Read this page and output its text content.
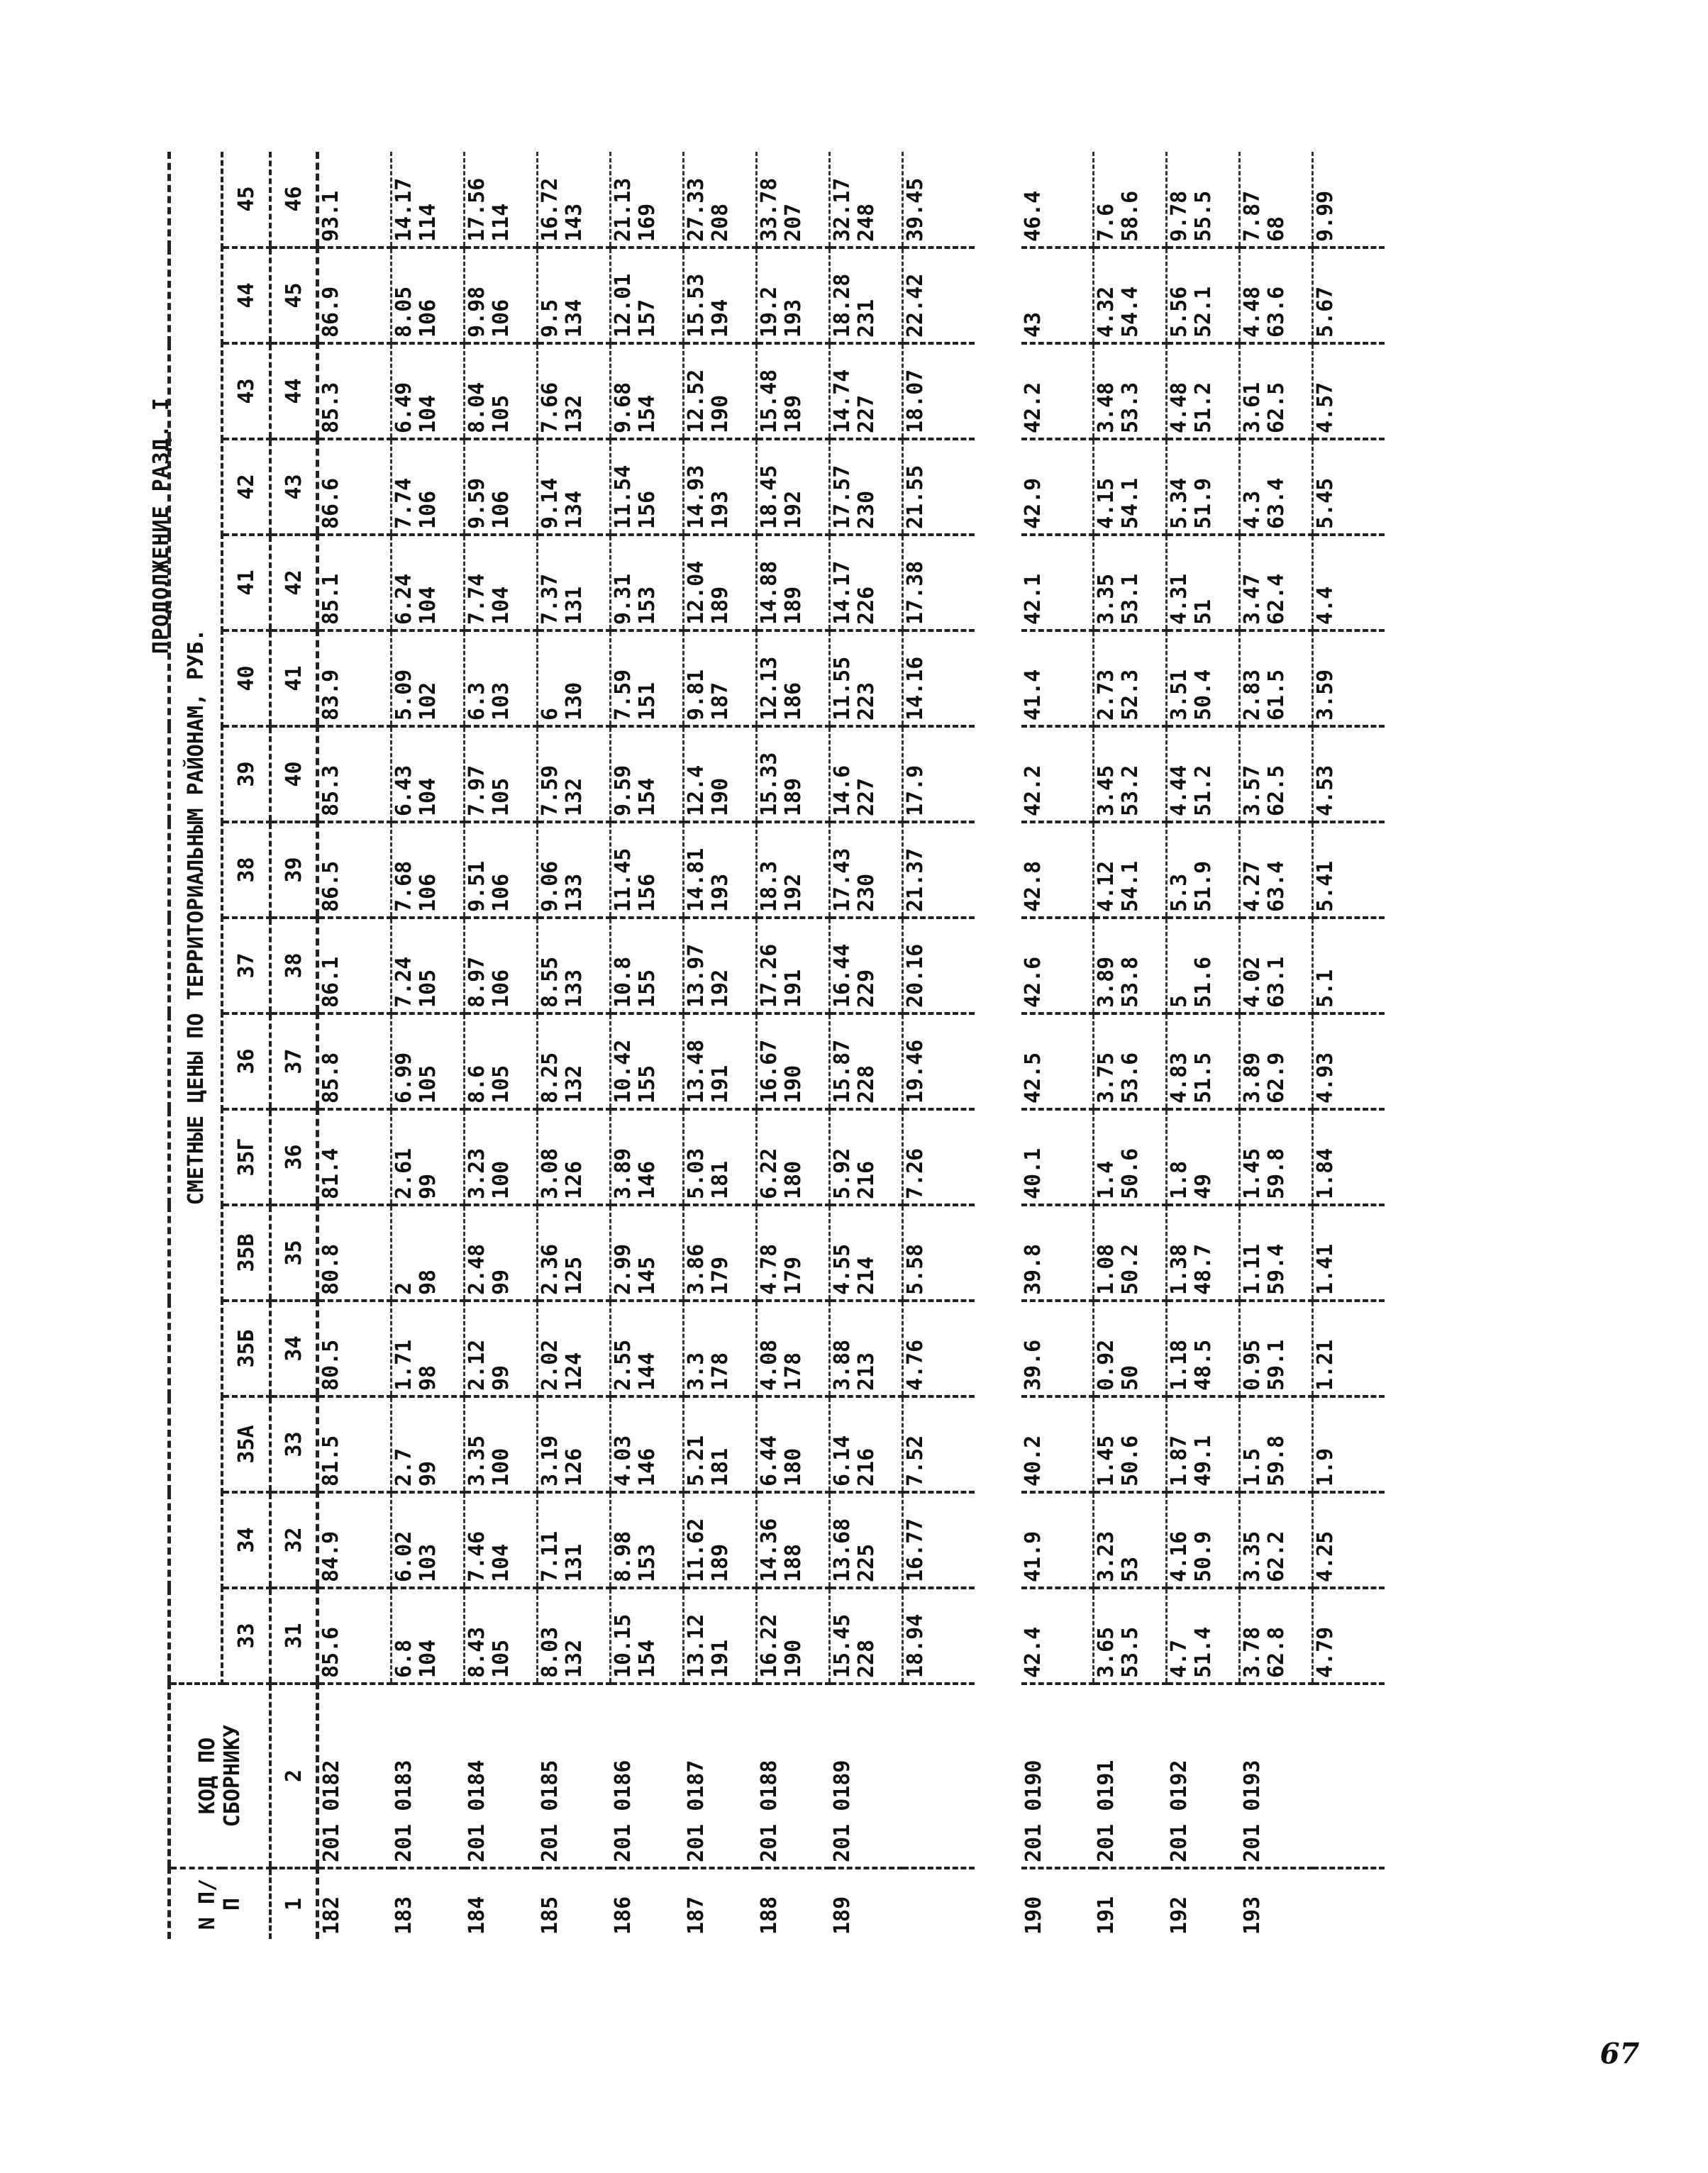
ПРОДОЛЖЕНИЕ РАЗД. I
N П/П	КОД ПО СБОРНИКУ	СМЕТНЫЕ ЦЕНЫ ПО ТЕРРИТОРИАЛЬНЫМ РАЙОНАМ, РУБ.															
		33	34	35А	35Б	35В	35Г	36	37	38	39	40	41	42	43	44	45
1	2	31	32	33	34	35	36	37	38	39	40	41	42	43	44	45	46
182	201 0182	85.6	84.9	81.5	80.5	80.8	81.4	85.8	86.1	86.5	85.3	83.9	85.1	86.6	85.3	86.9	93.1

183	201 0183	6.8 104	6.02 103	2.7 99	1.71 98	2 98	2.61 99	6.99 105	7.24 105	7.68 106	6.43 104	5.09 102	6.24 104	7.74 106	6.49 104	8.05 106	14.17 114

184	201 0184	8.43 105	7.46 104	3.35 100	2.12 99	2.48 99	3.23 100	8.6 105	8.97 106	9.51 106	7.97 105	6.3 103	7.74 104	9.59 106	8.04 105	9.98 106	17.56 114

185	201 0185	8.03 132	7.11 131	3.19 126	2.02 124	2.36 125	3.08 126	8.25 132	8.55 133	9.06 133	7.59 132	6 130	7.37 131	9.14 134	7.66 132	9.5 134	16.72 143

186	201 0186	10.15 154	8.98 153	4.03 146	2.55 144	2.99 145	3.89 146	10.42 155	10.8 155	11.45 156	9.59 154	7.59 151	9.31 153	11.54 156	9.68 154	12.01 157	21.13 169

187	201 0187	13.12 191	11.62 189	5.21 181	3.3 178	3.86 179	5.03 181	13.48 191	13.97 192	14.81 193	12.4 190	9.81 187	12.04 189	14.93 193	12.52 190	15.53 194	27.33 208

188	201 0188	16.22 190	14.36 188	6.44 180	4.08 178	4.78 179	6.22 180	16.67 190	17.26 191	18.3 192	15.33 189	12.13 186	14.88 189	18.45 192	15.48 189	19.2 193	33.78 207

189	201 0189	15.45 228	13.68 225	6.14 216	3.88 213	4.55 214	5.92 216	15.87 228	16.44 229	17.43 230	14.6 227	11.55 223	14.17 226	17.57 230	14.74 227	18.28 231	32.17 248

		18.94	16.77	7.52	4.76	5.58	7.26	19.46	20.16	21.37	17.9	14.16	17.38	21.55	18.07	22.42	39.45

190	201 0190	42.4	41.9	40.2	39.6	39.8	40.1	42.5	42.6	42.8	42.2	41.4	42.1	42.9	42.2	43	46.4

191	201 0191	3.65 53.5	3.23 53	1.45 50.6	0.92 50	1.08 50.2	1.4 50.6	3.75 53.6	3.89 53.8	4.12 54.1	3.45 53.2	2.73 52.3	3.35 53.1	4.15 54.1	3.48 53.3	4.32 54.4	7.6 58.6

192	201 0192	4.7 51.4	4.16 50.9	1.87 49.1	1.18 48.5	1.38 48.7	1.8 49	4.83 51.5	5 51.6	5.3 51.9	4.44 51.2	3.51 50.4	4.31 51	5.34 51.9	4.48 51.2	5.56 52.1	9.78 55.5

193	201 0193	3.78 62.8	3.35 62.2	1.5 59.8	0.95 59.1	1.11 59.4	1.45 59.8	3.89 62.9	4.02 63.1	4.27 63.4	3.57 62.5	2.83 61.5	3.47 62.4	4.3 63.4	3.61 62.5	4.48 63.6	7.87 68

		4.79	4.25	1.9	1.21	1.41	1.84	4.93	5.1	5.41	4.53	3.59	4.4	5.45	4.57	5.67	9.99
67
